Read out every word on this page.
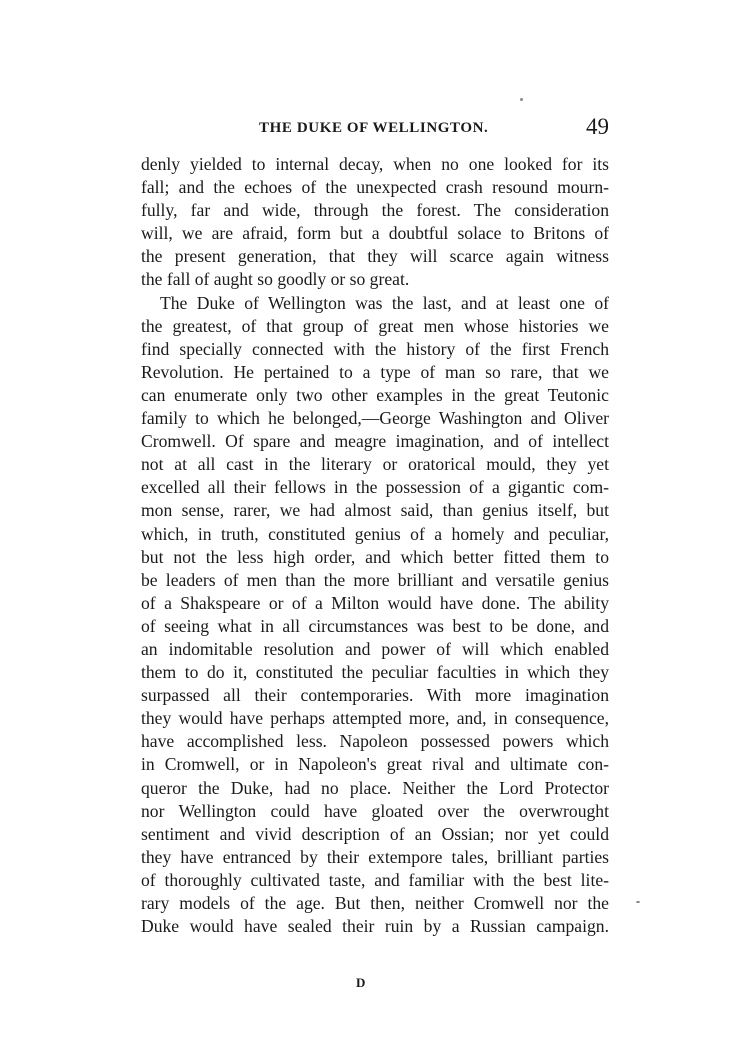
THE DUKE OF WELLINGTON.	49
denly yielded to internal decay, when no one looked for its
fall; and the echoes of the unexpected crash resound mourn-
fully, far and wide, through the forest. The consideration
will, we are afraid, form but a doubtful solace to Britons of
the present generation, that they will scarce again witness
the fall of aught so goodly or so great.
The Duke of Wellington was the last, and at least one of
the greatest, of that group of great men whose histories we
find specially connected with the history of the first French
Revolution. He pertained to a type of man so rare, that we
can enumerate only two other examples in the great Teutonic
family to which he belonged,—George Washington and Oliver
Cromwell. Of spare and meagre imagination, and of intellect
not at all cast in the literary or oratorical mould, they yet
excelled all their fellows in the possession of a gigantic com-
mon sense, rarer, we had almost said, than genius itself, but
which, in truth, constituted genius of a homely and peculiar,
but not the less high order, and which better fitted them to
be leaders of men than the more brilliant and versatile genius
of a Shakspeare or of a Milton would have done. The ability
of seeing what in all circumstances was best to be done, and
an indomitable resolution and power of will which enabled
them to do it, constituted the peculiar faculties in which they
surpassed all their contemporaries. With more imagination
they would have perhaps attempted more, and, in consequence,
have accomplished less. Napoleon possessed powers which
in Cromwell, or in Napoleon's great rival and ultimate con-
queror the Duke, had no place. Neither the Lord Protector
nor Wellington could have gloated over the overwrought
sentiment and vivid description of an Ossian; nor yet could
they have entranced by their extempore tales, brilliant parties
of thoroughly cultivated taste, and familiar with the best lite-
rary models of the age. But then, neither Cromwell nor the
Duke would have sealed their ruin by a Russian campaign.
D
